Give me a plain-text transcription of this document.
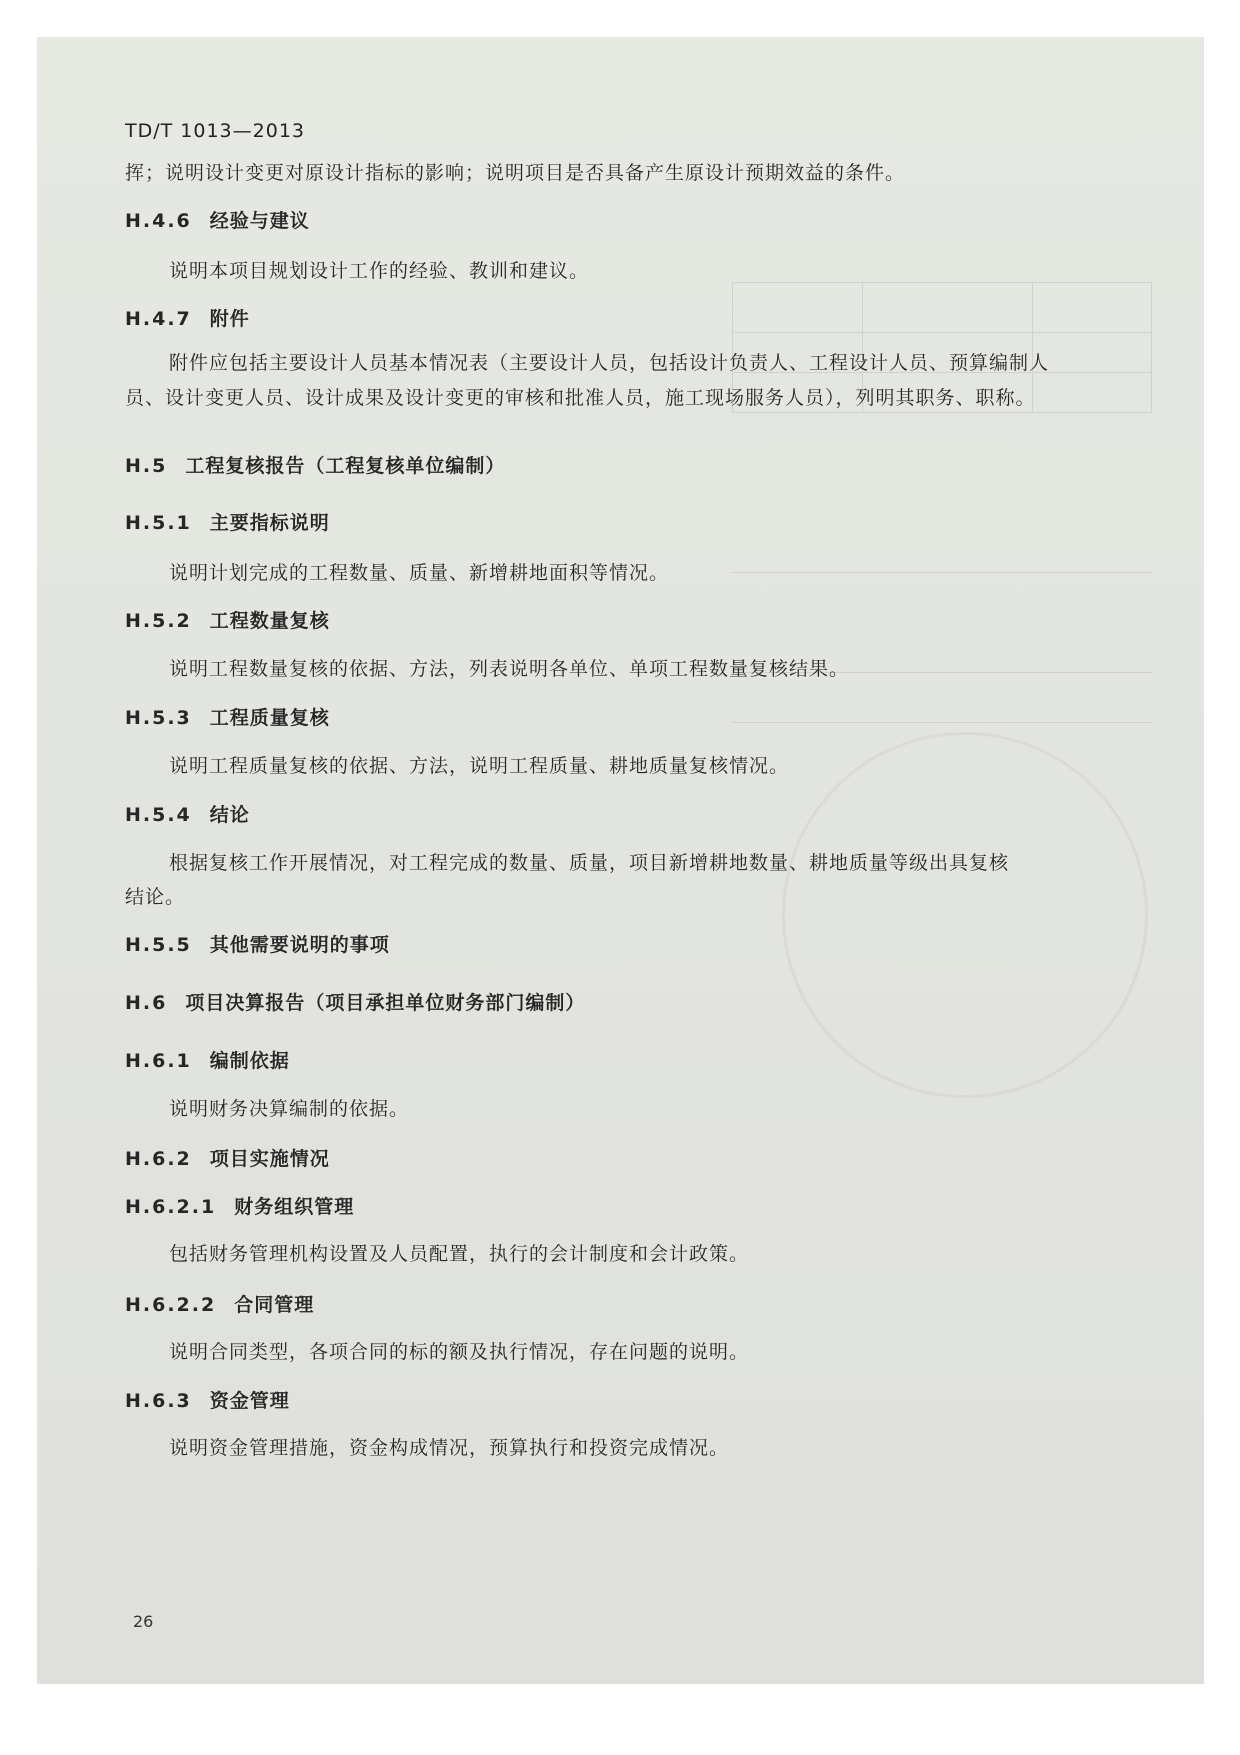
TD/T 1013—2013
挥；说明设计变更对原设计指标的影响；说明项目是否具备产生原设计预期效益的条件。
H.4.6 经验与建议
说明本项目规划设计工作的经验、教训和建议。
H.4.7 附件
附件应包括主要设计人员基本情况表（主要设计人员，包括设计负责人、工程设计人员、预算编制人
员、设计变更人员、设计成果及设计变更的审核和批准人员，施工现场服务人员），列明其职务、职称。
H.5 工程复核报告（工程复核单位编制）
H.5.1 主要指标说明
说明计划完成的工程数量、质量、新增耕地面积等情况。
H.5.2 工程数量复核
说明工程数量复核的依据、方法，列表说明各单位、单项工程数量复核结果。
H.5.3 工程质量复核
说明工程质量复核的依据、方法，说明工程质量、耕地质量复核情况。
H.5.4 结论
根据复核工作开展情况，对工程完成的数量、质量，项目新增耕地数量、耕地质量等级出具复核
结论。
H.5.5 其他需要说明的事项
H.6 项目决算报告（项目承担单位财务部门编制）
H.6.1 编制依据
说明财务决算编制的依据。
H.6.2 项目实施情况
H.6.2.1 财务组织管理
包括财务管理机构设置及人员配置，执行的会计制度和会计政策。
H.6.2.2 合同管理
说明合同类型，各项合同的标的额及执行情况，存在问题的说明。
H.6.3 资金管理
说明资金管理措施，资金构成情况，预算执行和投资完成情况。
26
